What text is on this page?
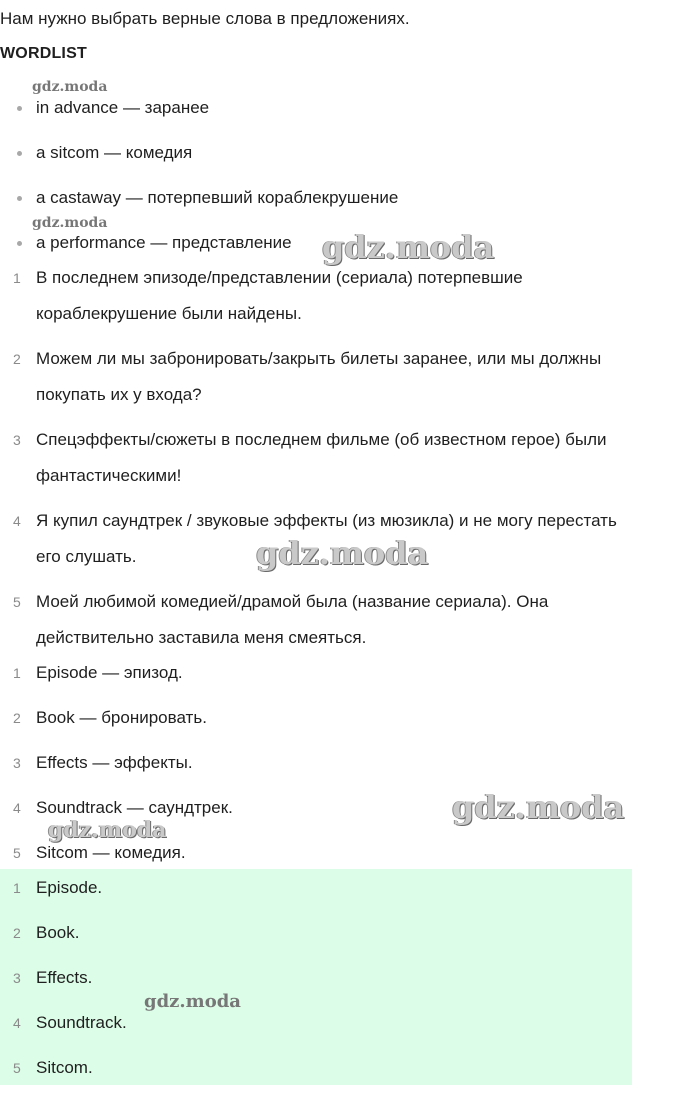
Нам нужно выбрать верные слова в предложениях.
WORDLIST
in advance — заранее
a sitcom — комедия
a castaway — потерпевший кораблекрушение
a performance — представление
1 В последнем эпизоде/представлении (сериала) потерпевшие
кораблекрушение были найдены.
2 Можем ли мы забронировать/закрыть билеты заранее, или мы должны
покупать их у входа?
3 Спецэффекты/сюжеты в последнем фильме (об известном герое) были
фантастическими!
4 Я купил саундтрек / звуковые эффекты (из мюзикла) и не могу перестать
его слушать.
5 Моей любимой комедией/драмой была (название сериала). Она
действительно заставила меня смеяться.
1 Episode — эпизод.
2 Book — бронировать.
3 Effects — эффекты.
4 Soundtrack — саундтрек.
5 Sitcom — комедия.
1 Episode.
2 Book.
3 Effects.
4 Soundtrack.
5 Sitcom.
gdz.moda
gdz.moda
gdz.moda
gdz.moda
gdz.moda
gdz.moda
gdz.moda
